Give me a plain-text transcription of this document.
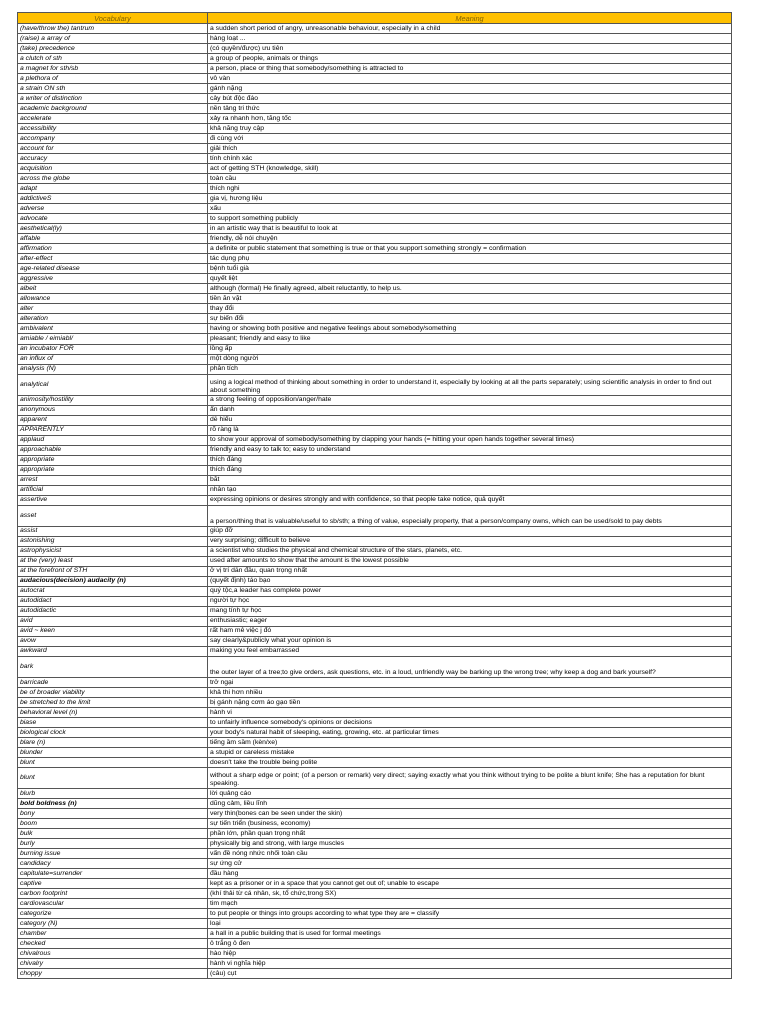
Vocabulary	Meaning
(have/throw the) tantrum	a sudden short period of angry, unreasonable behaviour, especially in a child
(raise) a array of	hàng loạt ...
(take) precedence	(có quyền/được) ưu tiên
a clutch of sth	a group of people, animals or things
a magnet for sth/sb	a person, place or thing that somebody/something is attracted to
a plethora of	vô vàn
a strain ON sth	gánh nặng
a writer of distinction	cây bút độc đáo
academic background	nền tảng tri thức
accelerate	xảy ra nhanh hơn, tăng tốc
accessibility	khả năng truy cập
accompany	đi cùng với
account for	giải thích
accuracy	tính chính xác
acquisition	act of getting STH (knowledge, skill)
across the globe	toàn cầu
adapt	thích nghi
addictiveS	gia vị, hương liệu
adverse	xấu
advocate	to support something publicly
aesthetical(ly)	in an artistic way that is beautiful to look at
affable	friendly, dễ nói chuyện
affirmation	a definite or public statement that something is true or that you support something strongly = confirmation
after-effect	tác dụng phụ
age-related disease	bệnh tuổi già
aggressive	quyết liệt
albeit	although (formal) He finally agreed, albeit reluctantly, to help us.
allowance	tiền ăn vặt
alter	thay đổi
alteration	sự biến đổi
ambivalent	having or showing both positive and negative feelings about somebody/something
amiable / eimiabl/	pleasant; friendly and easy to like
an incubator FOR	lồng ấp
an influx of	một dòng người
analysis (N)	phân tích
analytical	using a logical method of thinking about something in order to understand it, especially by looking at all the parts separately; using scientific analysis in order to find out about something
animosity/hostility	a strong feeling of opposition/anger/hate
anonymous	ẩn danh
apparent	dễ hiểu
APPARENTLY	rõ ràng là
applaud	to show your approval of somebody/something by clapping your hands (= hitting your open hands together several times)
approachable	friendly and easy to talk to; easy to understand
appropriate	thích đáng
appropriate	thích đáng
arrest	bắt
artificial	nhân tạo
assertive	expressing opinions or desires strongly and with confidence, so that people take notice, quả quyết
asset	a person/thing that is valuable/useful to sb/sth; a thing of value, especially property, that a person/company owns, which can be used/sold to pay debts
assist	giúp đỡ
astonishing	very surprising; difficult to believe
astrophysicist	a scientist who studies the physical and chemical structure of the stars, planets, etc.
at the (very) least	used after amounts to show that the amount is the lowest possible
at the forefront of STH	ở vị trí dẫn đầu, quan trọng nhất
audacious(decision) audacity (n)	(quyết định) táo bạo
autocrat	quý tộc,a leader has complete power
autodidact	người tự học
autodidactic	mang tính tự học
avid	enthusiastic; eager
avid ~ keen	rất ham mê việc j đó
avow	say clearly&publicly what your opinion is
awkward	making you feel embarrassed
bark	the outer layer of a tree;to give orders, ask questions, etc. in a loud, unfriendly way be barking up the wrong tree; why keep a dog and bark yourself?
barricade	trở ngại
be of broader viability	khả thi hơn nhiều
be stretched to the limit	bị gánh nặng cơm áo gạo tiền
behavioral level (n)	hành vi
biase	to unfairly influence somebody's opinions or decisions
biological clock	your body's natural habit of sleeping, eating, growing, etc. at particular times
blare (n)	tiếng ầm sầm (kèn/xe)
blunder	a stupid or careless mistake
blunt	doesn't take the trouble being polite
blunt	without a sharp edge or point; (of a person or remark) very direct; saying exactly what you think without trying to be polite a blunt knife; She has a reputation for blunt speaking.
blurb	lời quảng cáo
bold boldness (n)	dũng cảm, liều lĩnh
bony	very thin(bones can be seen under the skin)
boom	sự tiến triển (business, economy)
bulk	phần lớn, phần quan trọng nhất
burly	physically big and strong, with large muscles
burning issue	vấn đề nóng nhức nhối toàn cầu
candidacy	sự ứng cử
capitulate=surrender	đầu hàng
captive	kept as a prisoner or in a space that you cannot get out of; unable to escape
carbon footprint	(khí thải từ cá nhân, sk, tổ chức,trong SX)
cardiovascular	tim mạch
categorize	to put people or things into groups according to what type they are = classify
category (N)	loại
chamber	a hall in a public building that is used for formal meetings
checked	ô trắng ô đen
chivalrous	hào hiệp
chivalry	hành vi nghĩa hiệp
choppy	(câu) cụt
